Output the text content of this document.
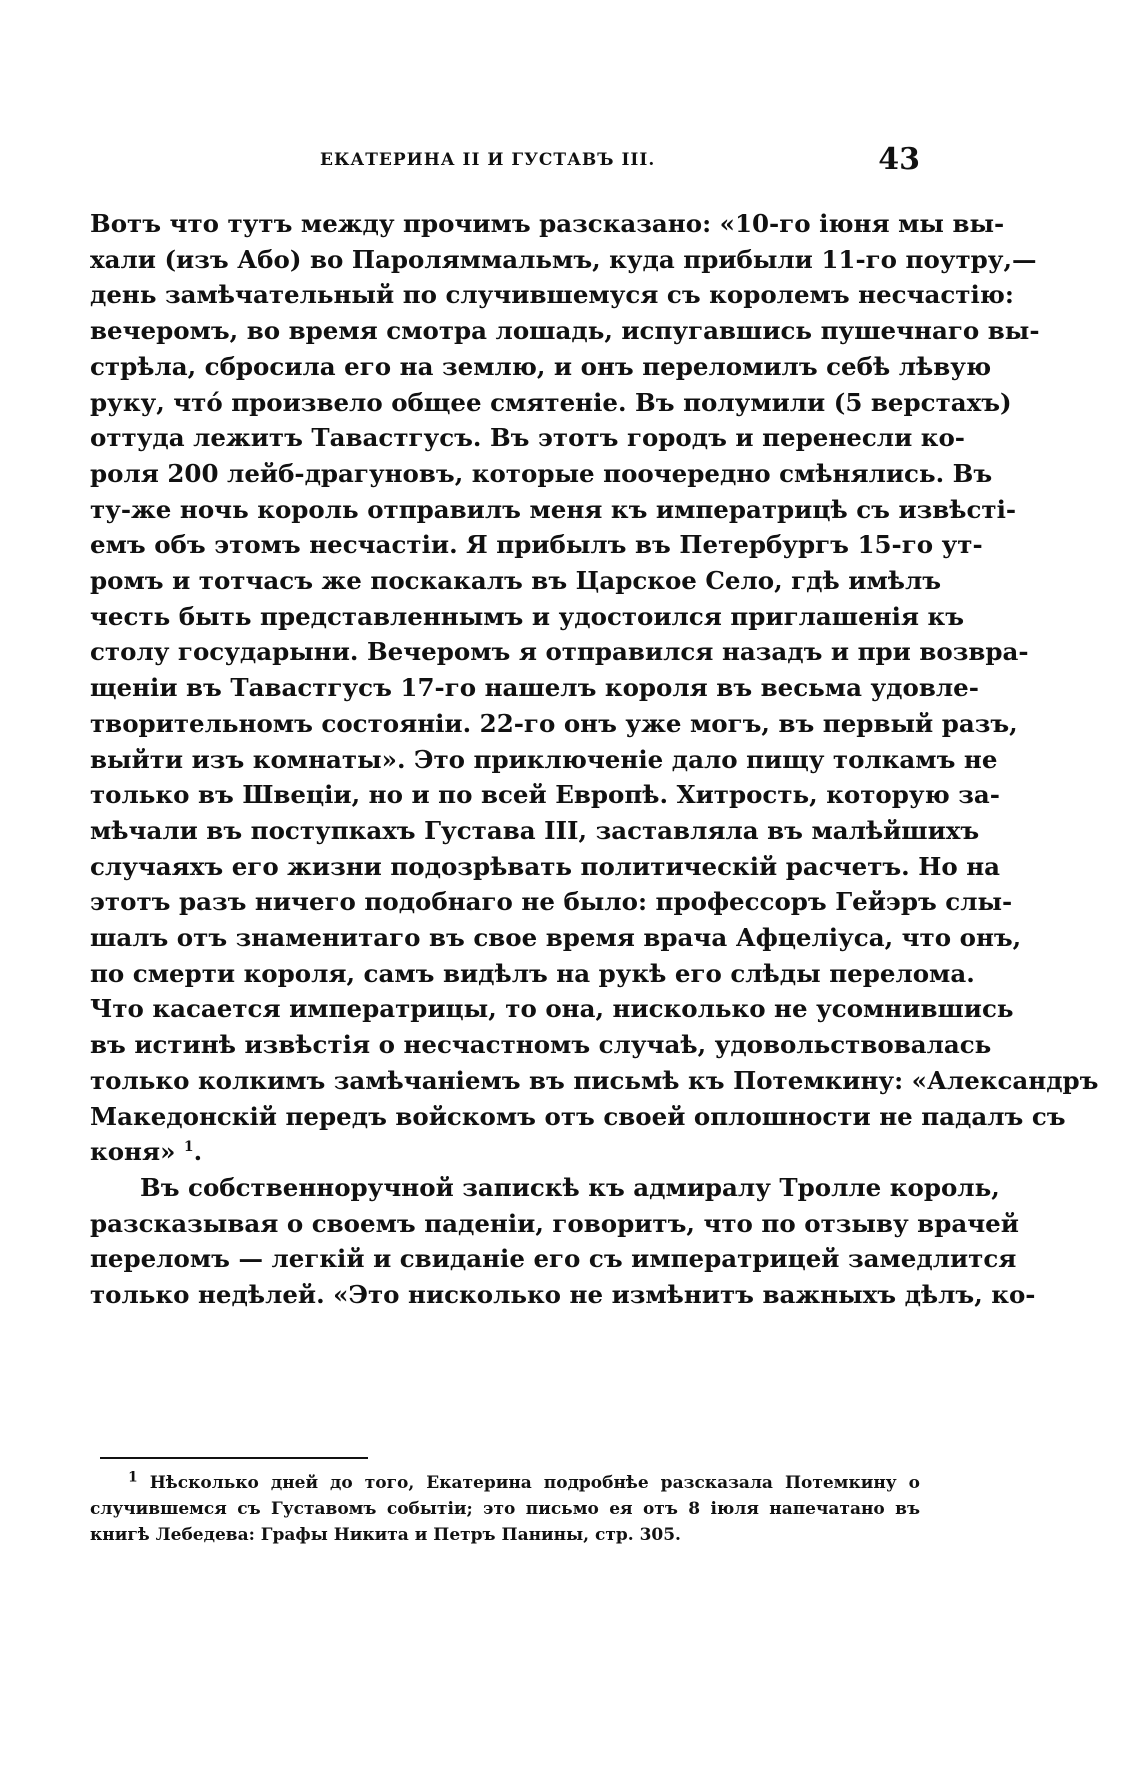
ЕКАТЕРИНА II И ГУСТАВЪ III.	43
Вотъ что тутъ между прочимъ разсказано: «10-го іюня мы вы-
хали (изъ Або) во Пароляммальмъ, куда прибыли 11-го поутру,—
день замѣчательный по случившемуся съ королемъ несчастію:
вечеромъ, во время смотра лошадь, испугавшись пушечнаго вы-
стрѣла, сбросила его на землю, и онъ переломилъ себѣ лѣвую
руку, чтó произвело общее смятеніе. Въ полумили (5 верстахъ)
оттуда лежитъ Тавастгусъ. Въ этотъ городъ и перенесли ко-
роля 200 лейб-драгуновъ, которые поочередно смѣнялись. Въ
ту-же ночь король отправилъ меня къ императрицѣ съ извѣсті-
емъ объ этомъ несчастіи. Я прибылъ въ Петербургъ 15-го ут-
ромъ и тотчасъ же поскакалъ въ Царское Село, гдѣ имѣлъ
честь быть представленнымъ и удостоился приглашенія къ
столу государыни. Вечеромъ я отправился назадъ и при возвра-
щеніи въ Тавастгусъ 17-го нашелъ короля въ весьма удовле-
творительномъ состояніи. 22-го онъ уже могъ, въ первый разъ,
выйти изъ комнаты». Это приключеніе дало пищу толкамъ не
только въ Швеціи, но и по всей Европѣ. Хитрость, которую за-
мѣчали въ поступкахъ Густава III, заставляла въ малѣйшихъ
случаяхъ его жизни подозрѣвать политическій расчетъ. Но на
этотъ разъ ничего подобнаго не было: профессоръ Гейэръ слы-
шалъ отъ знаменитаго въ свое время врача Афцеліуса, что онъ,
по смерти короля, самъ видѣлъ на рукѣ его слѣды перелома.
Что касается императрицы, то она, нисколько не усомнившись
въ истинѣ извѣстія о несчастномъ случаѣ, удовольствовалась
только колкимъ замѣчаніемъ въ письмѣ къ Потемкину: «Александръ
Македонскій передъ войскомъ отъ своей оплошности не падалъ съ
коня» $^1$.
Въ собственноручной запискѣ къ адмиралу Тролле король,
разсказывая о своемъ паденіи, говоритъ, что по отзыву врачей
переломъ — легкій и свиданіе его съ императрицей замедлится
только недѣлей. «Это нисколько не измѣнитъ важныхъ дѣлъ, ко-
$^1$ Нѣсколько дней до того, Екатерина подробнѣе разсказала Потемкину о
случившемся съ Густавомъ событіи; это письмо ея отъ 8 іюля напечатано въ
книгѣ Лебедева: Графы Никита и Петръ Панины, стр. 305.
